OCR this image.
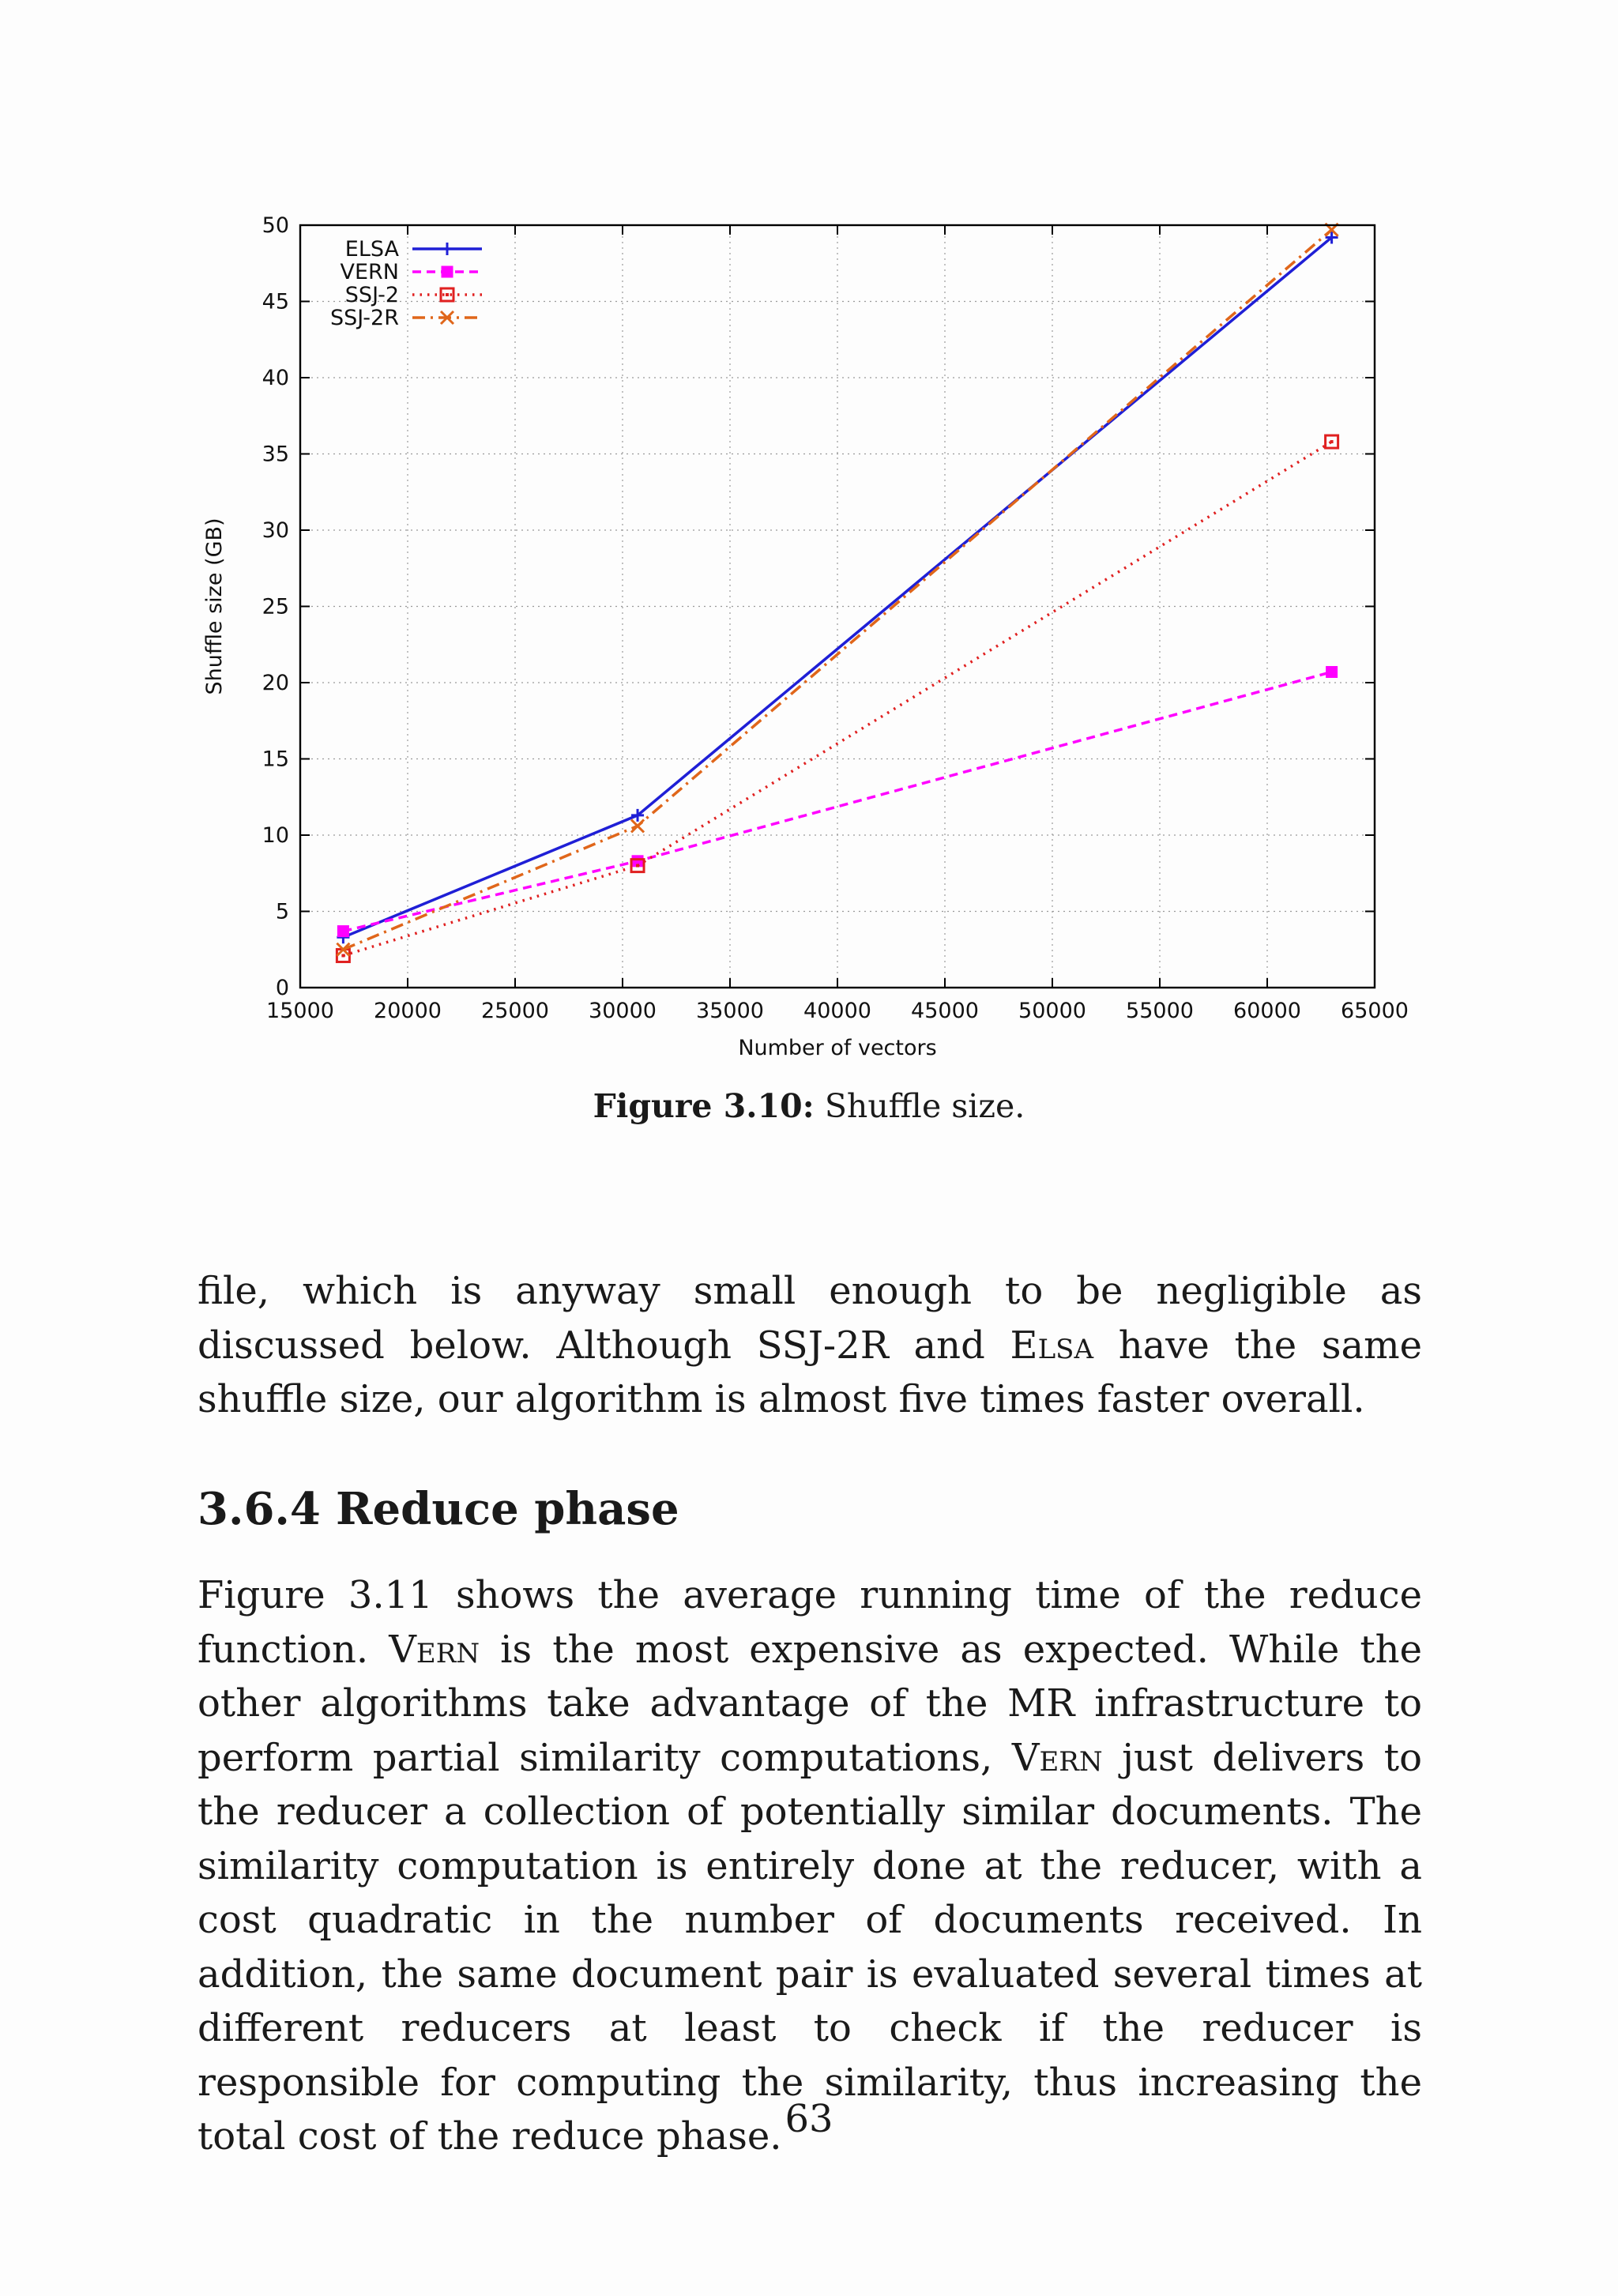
15000 20000 25000 30000 35000 40000 45000 50000 55000 60000 65000
0
5
10
15
20
25
30
35
40
45
50
Number of vectors
Shuffle size (GB)
ELSA
VERN
SSJ-2
SSJ-2R
Figure 3.10: Shuffle size.

file, which is anyway small enough to be negligible as discussed below. Although SSJ-2R and Elsa have the same shuffle size, our algorithm is almost five times faster overall.

3.6.4 Reduce phase

Figure 3.11 shows the average running time of the reduce function. Vern is the most expensive as expected. While the other algorithms take advantage of the MR infrastructure to perform partial similarity computations, Vern just delivers to the reducer a collection of potentially similar documents. The similarity computation is entirely done at the reducer, with a cost quadratic in the number of documents received. In addition, the same document pair is evaluated several times at different reducers at least to check if the reducer is responsible for computing the similarity, thus increasing the total cost of the reduce phase. 63
